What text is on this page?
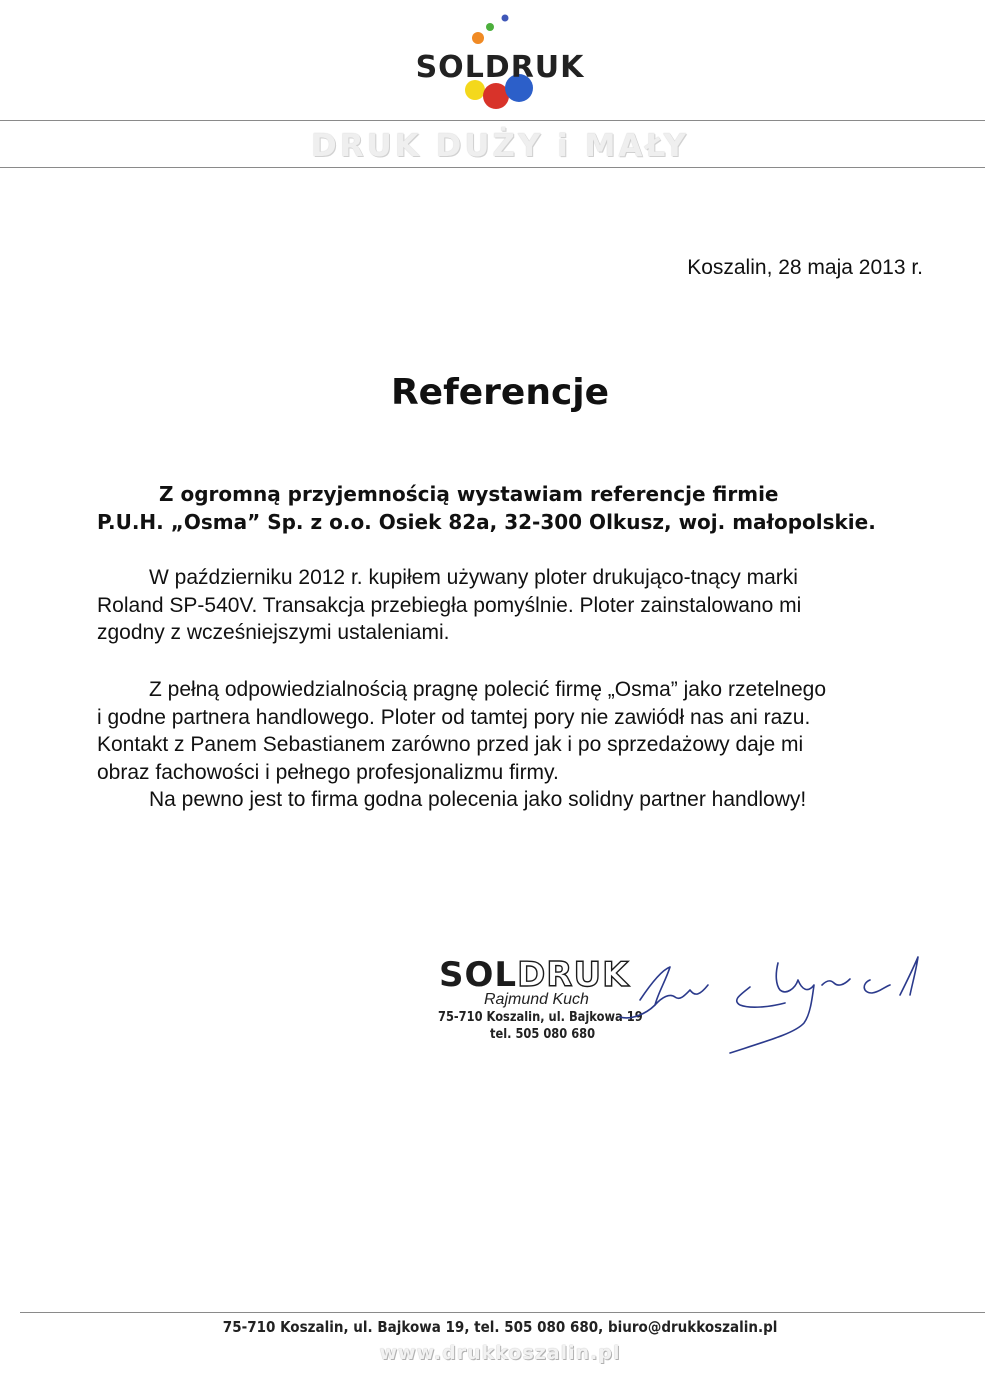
SOLDRUK
DRUK DUŻY i MAŁY
Koszalin, 28 maja 2013 r.
Referencje
Z ogromną przyjemnością wystawiam referencje firmie
P.U.H. „Osma” Sp. z o.o. Osiek 82a, 32-300 Olkusz, woj. małopolskie.
W październiku 2012 r. kupiłem używany ploter drukująco-tnący marki
Roland SP-540V. Transakcja przebiegła pomyślnie. Ploter zainstalowano mi
zgodny z wcześniejszymi ustaleniami.
Z pełną odpowiedzialnością pragnę polecić firmę „Osma” jako rzetelnego
i godne partnera handlowego. Ploter od tamtej pory nie zawiódł nas ani razu.
Kontakt z Panem Sebastianem zarówno przed jak i po sprzedażowy daje mi
obraz fachowości i pełnego profesjonalizmu firmy.
Na pewno jest to firma godna polecenia jako solidny partner handlowy!
SOLDRUK
Rajmund Kuch
75-710 Koszalin, ul. Bajkowa 19
tel. 505 080 680
75-710 Koszalin, ul. Bajkowa 19, tel. 505 080 680, biuro@drukkoszalin.pl
www.drukkoszalin.pl
